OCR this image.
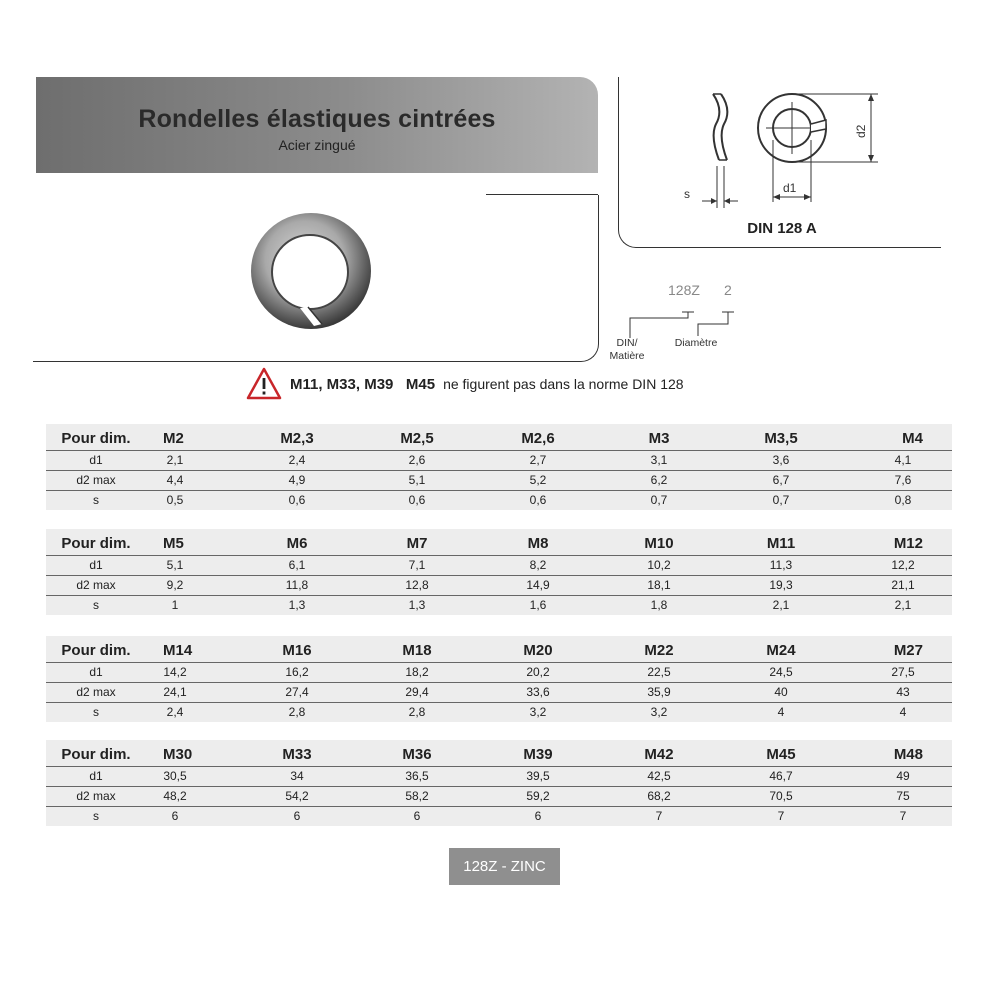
Rondelles élastiques cintrées
Acier zingué
s	d1
d2
DIN 128 A
128Z 2
DIN/
Matière
Diamètre
M11, M33, M39   M45 ne figurent pas dans la norme DIN 128
Pour dim.	M2	M2,3	M2,5	M2,6	M3	M3,5	M4
d1	2,1	2,4	2,6	2,7	3,1	3,6	4,1
d2 max	4,4	4,9	5,1	5,2	6,2	6,7	7,6
s	0,5	0,6	0,6	0,6	0,7	0,7	0,8
Pour dim.	M5	M6	M7	M8	M10	M11	M12
d1	5,1	6,1	7,1	8,2	10,2	11,3	12,2
d2 max	9,2	11,8	12,8	14,9	18,1	19,3	21,1
s	1	1,3	1,3	1,6	1,8	2,1	2,1
Pour dim.	M14	M16	M18	M20	M22	M24	M27
d1	14,2	16,2	18,2	20,2	22,5	24,5	27,5
d2 max	24,1	27,4	29,4	33,6	35,9	40	43
s	2,4	2,8	2,8	3,2	3,2	4	4
Pour dim.	M30	M33	M36	M39	M42	M45	M48
d1	30,5	34	36,5	39,5	42,5	46,7	49
d2 max	48,2	54,2	58,2	59,2	68,2	70,5	75
s	6	6	6	6	7	7	7
128Z - ZINC
